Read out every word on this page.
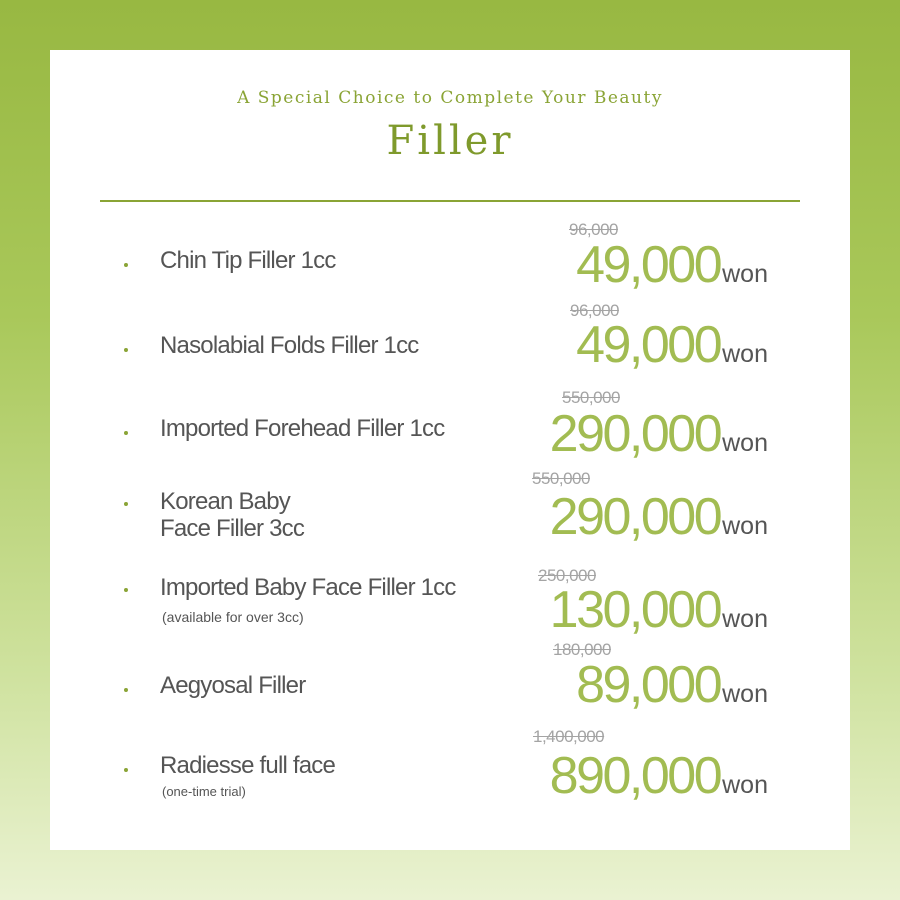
A Special Choice to Complete Your Beauty
Filler
Chin Tip Filler 1cc
96,000
49,000won
Nasolabial Folds Filler 1cc
96,000
49,000won
Imported Forehead Filler 1cc
550,000
290,000won
Korean Baby
Face Filler 3cc
550,000
290,000won
Imported Baby Face Filler 1cc
(available for over 3cc)
250,000
130,000won
Aegyosal Filler
180,000
89,000won
Radiesse full face
(one-time trial)
1,400,000
890,000won
